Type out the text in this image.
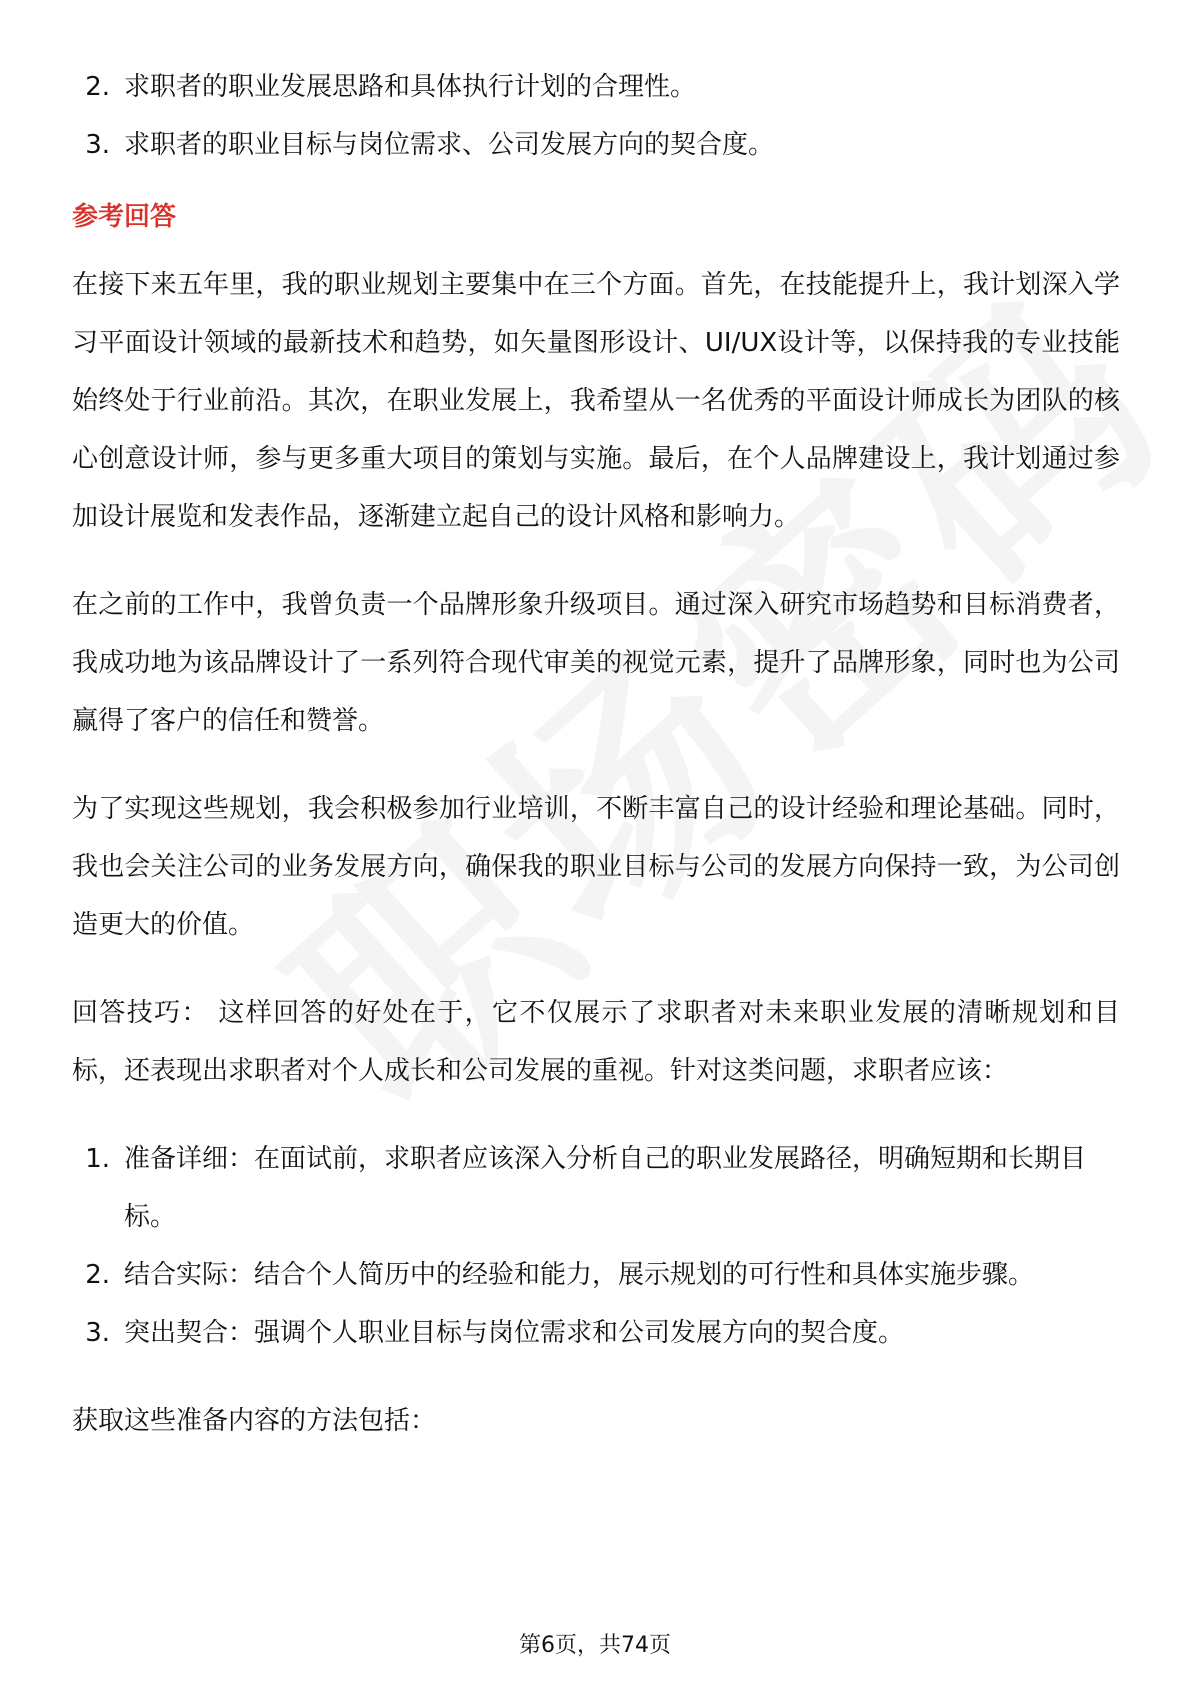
2. 求职者的职业发展思路和具体执行计划的合理性。
3. 求职者的职业目标与岗位需求、公司发展方向的契合度。
参考回答

在接下来五年里，我的职业规划主要集中在三个方面。首先，在技能提升上，我计划深入学习平面设计领域的最新技术和趋势，如矢量图形设计、UI/UX设计等，以保持我的专业技能始终处于行业前沿。其次，在职业发展上，我希望从一名优秀的平面设计师成长为团队的核心创意设计师，参与更多重大项目的策划与实施。最后，在个人品牌建设上，我计划通过参加设计展览和发表作品，逐渐建立起自己的设计风格和影响力。

在之前的工作中，我曾负责一个品牌形象升级项目。通过深入研究市场趋势和目标消费者，我成功地为该品牌设计了一系列符合现代审美的视觉元素，提升了品牌形象，同时也为公司赢得了客户的信任和赞誉。

为了实现这些规划，我会积极参加行业培训，不断丰富自己的设计经验和理论基础。同时，我也会关注公司的业务发展方向，确保我的职业目标与公司的发展方向保持一致，为公司创造更大的价值。

回答技巧： 这样回答的好处在于，它不仅展示了求职者对未来职业发展的清晰规划和目标，还表现出求职者对个人成长和公司发展的重视。针对这类问题，求职者应该：

1. 准备详细：在面试前，求职者应该深入分析自己的职业发展路径，明确短期和长期目标。
2. 结合实际：结合个人简历中的经验和能力，展示规划的可行性和具体实施步骤。
3. 突出契合：强调个人职业目标与岗位需求和公司发展方向的契合度。

获取这些准备内容的方法包括：

第6页，共74页
